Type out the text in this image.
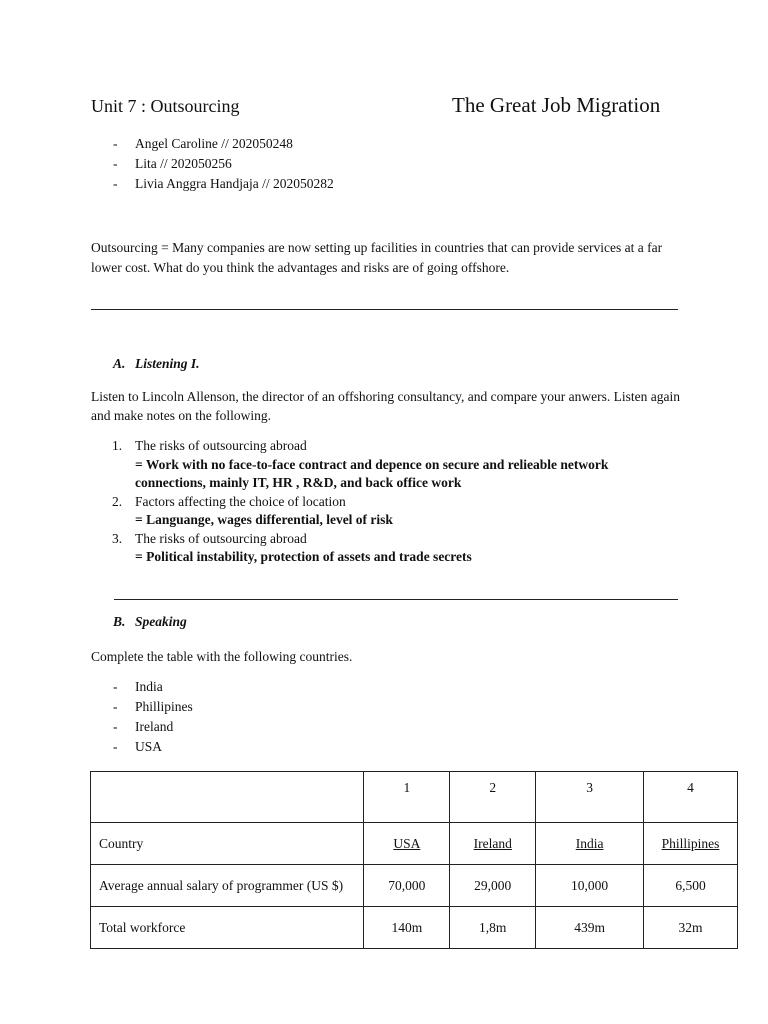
Unit 7 : Outsourcing	The Great Job Migration
- Angel Caroline // 202050248
- Lita // 202050256
- Livia Anggra Handjaja // 202050282

Outsourcing = Many companies are now setting up facilities in countries that can provide services at a far lower cost. What do you think the advantages and risks are of going offshore.

A. Listening I.

Listen to Lincoln Allenson, the director of an offshoring consultancy, and compare your anwers. Listen again and make notes on the following.

1. The risks of outsourcing abroad
= Work with no face-to-face contract and depence on secure and relieable network connections, mainly IT, HR , R&D, and back office work
2. Factors affecting the choice of location
= Languange, wages differential, level of risk
3. The risks of outsourcing abroad
= Political instability, protection of assets and trade secrets
B. Speaking

Complete the table with the following countries.

- India
- Phillipines
- Ireland
- USA
	1	2	3	4
Country	USA	Ireland	India	Phillipines
Average annual salary of programmer (US $)	70,000	29,000	10,000	6,500
Total workforce	140m	1,8m	439m	32m
